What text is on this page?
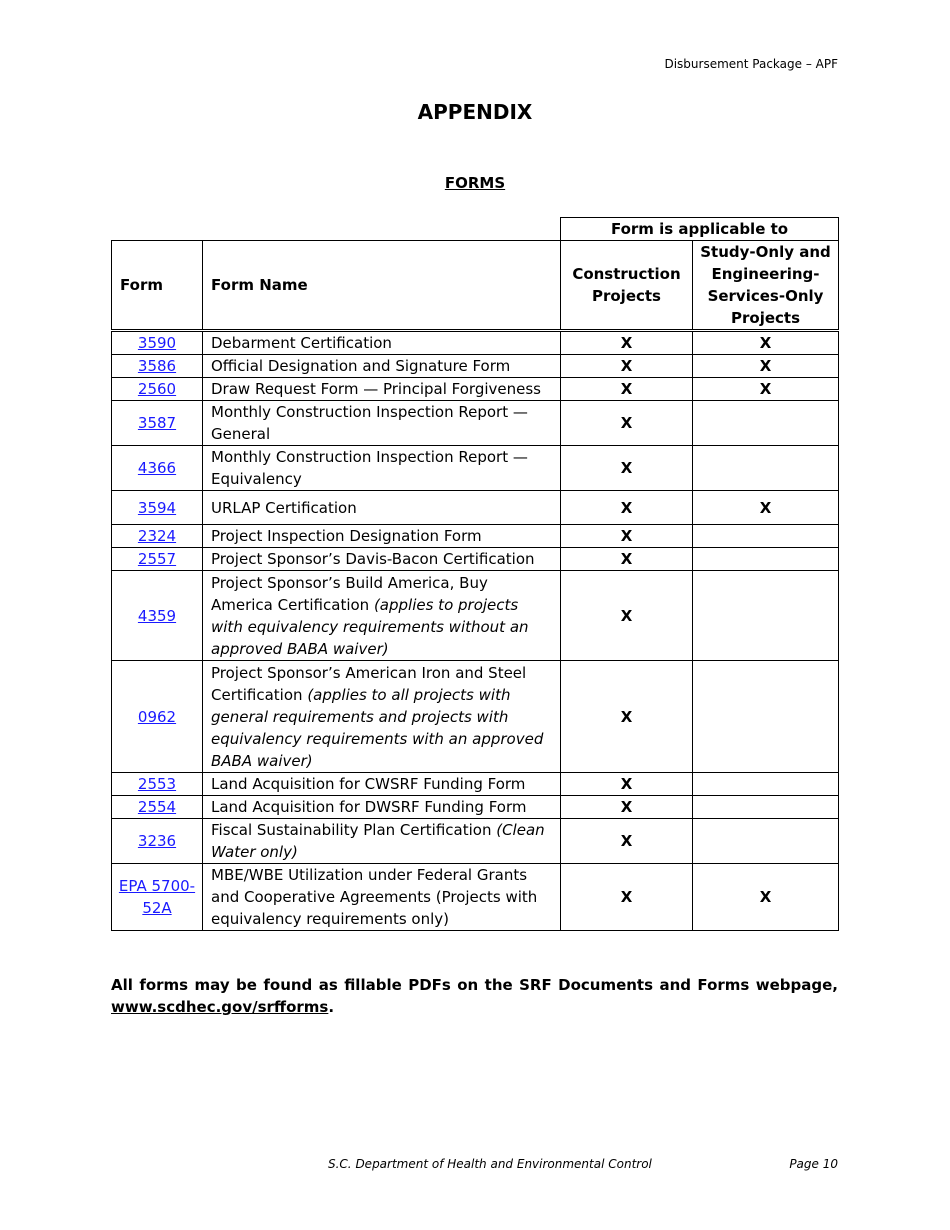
Disbursement Package – APF
APPENDIX
FORMS
		Form is applicable to	
Form	Form Name	Construction Projects	Study-Only and Engineering-Services-Only Projects
3590	Debarment Certification	X	X
3586	Official Designation and Signature Form	X	X
2560	Draw Request Form — Principal Forgiveness	X	X
3587	Monthly Construction Inspection Report — General	X	
4366	Monthly Construction Inspection Report — Equivalency	X	
3594	URLAP Certification	X	X
2324	Project Inspection Designation Form	X	
2557	Project Sponsor’s Davis-Bacon Certification	X	
4359	Project Sponsor’s Build America, Buy America Certification (applies to projects with equivalency requirements without an approved BABA waiver)	X	
0962	Project Sponsor’s American Iron and Steel Certification (applies to all projects with general requirements and projects with equivalency requirements with an approved BABA waiver)	X	
2553	Land Acquisition for CWSRF Funding Form	X	
2554	Land Acquisition for DWSRF Funding Form	X	
3236	Fiscal Sustainability Plan Certification (Clean Water only)	X	
EPA 5700-52A	MBE/WBE Utilization under Federal Grants and Cooperative Agreements (Projects with equivalency requirements only)	X	X
All forms may be found as fillable PDFs on the SRF Documents and Forms webpage, www.scdhec.gov/srfforms.
S.C. Department of Health and Environmental Control	Page 10
